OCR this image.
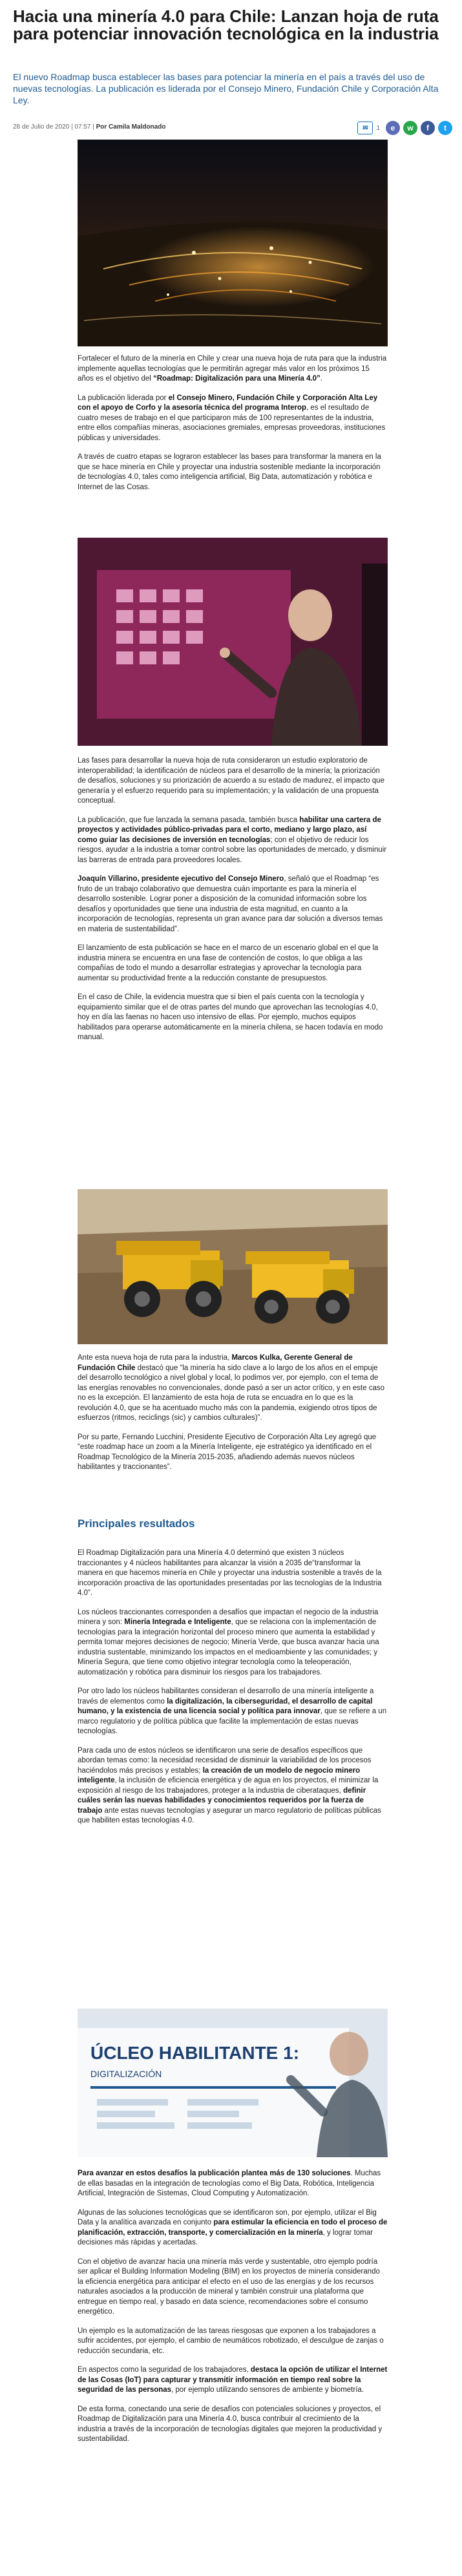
Hacia una minería 4.0 para Chile: Lanzan hoja de ruta para potenciar innovación tecnológica en la industria

El nuevo Roadmap busca establecer las bases para potenciar la minería en el país a través del uso de nuevas tecnologías. La publicación es liderada por el Consejo Minero, Fundación Chile y Corporación Alta Ley.

28 de Julio de 2020 | 07:57 | Por Camila Maldonado	✉	1	e	w	f	t

Fortalecer el futuro de la minería en Chile y crear una nueva hoja de ruta para que la industria implemente aquellas tecnologías que le permitirán agregar más valor en los próximos 15 años es el objetivo del “Roadmap: Digitalización para una Minería 4.0”.

La publicación liderada por el Consejo Minero, Fundación Chile y Corporación Alta Ley con el apoyo de Corfo y la asesoría técnica del programa Interop, es el resultado de cuatro meses de trabajo en el que participaron más de 100 representantes de la industria, entre ellos compañías mineras, asociaciones gremiales, empresas proveedoras, instituciones públicas y universidades.

A través de cuatro etapas se lograron establecer las bases para transformar la manera en la que se hace minería en Chile y proyectar una industria sostenible mediante la incorporación de tecnologías 4.0, tales como inteligencia artificial, Big Data, automatización y robótica e Internet de las Cosas.

Las fases para desarrollar la nueva hoja de ruta consideraron un estudio exploratorio de interoperabilidad; la identificación de núcleos para el desarrollo de la minería; la priorización de desafíos, soluciones y su priorización de acuerdo a su estado de madurez, el impacto que generaría y el esfuerzo requerido para su implementación; y la validación de una propuesta conceptual.

La publicación, que fue lanzada la semana pasada, también busca habilitar una cartera de proyectos y actividades público-privadas para el corto, mediano y largo plazo, así como guiar las decisiones de inversión en tecnologías; con el objetivo de reducir los riesgos, ayudar a la industria a tomar control sobre las oportunidades de mercado, y disminuir las barreras de entrada para proveedores locales.

Joaquín Villarino, presidente ejecutivo del Consejo Minero, señaló que el Roadmap “es fruto de un trabajo colaborativo que demuestra cuán importante es para la minería el desarrollo sostenible. Lograr poner a disposición de la comunidad información sobre los desafíos y oportunidades que tiene una industria de esta magnitud, en cuanto a la incorporación de tecnologías, representa un gran avance para dar solución a diversos temas en materia de sustentabilidad”.

El lanzamiento de esta publicación se hace en el marco de un escenario global en el que la industria minera se encuentra en una fase de contención de costos, lo que obliga a las compañías de todo el mundo a desarrollar estrategias y aprovechar la tecnología para aumentar su productividad frente a la reducción constante de presupuestos.

En el caso de Chile, la evidencia muestra que si bien el país cuenta con la tecnología y equipamiento similar que el de otras partes del mundo que aprovechan las tecnologías 4.0, hoy en día las faenas no hacen uso intensivo de ellas. Por ejemplo, muchos equipos habilitados para operarse automáticamente en la minería chilena, se hacen todavía en modo manual.

Ante esta nueva hoja de ruta para la industria, Marcos Kulka, Gerente General de Fundación Chile destacó que “la minería ha sido clave a lo largo de los años en el empuje del desarrollo tecnológico a nivel global y local, lo podimos ver, por ejemplo, con el tema de las energías renovables no convencionales, donde pasó a ser un actor crítico, y en este caso no es la excepción. El lanzamiento de esta hoja de ruta se encuadra en lo que es la revolución 4.0, que se ha acentuado mucho más con la pandemia, exigiendo otros tipos de esfuerzos (ritmos, reciclings (sic) y cambios culturales)”.

Por su parte, Fernando Lucchini, Presidente Ejecutivo de Corporación Alta Ley agregó que “este roadmap hace un zoom a la Minería Inteligente, eje estratégico ya identificado en el Roadmap Tecnológico de la Minería 2015-2035, añadiendo además nuevos núcleos habilitantes y traccionantes”.

Principales resultados

El Roadmap Digitalización para una Minería 4.0 determinó que existen 3 núcleos traccionantes y 4 núcleos habilitantes para alcanzar la visión a 2035 de“transformar la manera en que hacemos minería en Chile y proyectar una industria sostenible a través de la incorporación proactiva de las oportunidades presentadas por las tecnologías de la Industria 4.0”.

Los núcleos traccionantes corresponden a desafíos que impactan el negocio de la industria minera y son: Minería Integrada e Inteligente, que se relaciona con la implementación de tecnologías para la integración horizontal del proceso minero que aumenta la estabilidad y permita tomar mejores decisiones de negocio; Minería Verde, que busca avanzar hacia una industria sustentable, minimizando los impactos en el medioambiente y las comunidades; y Minería Segura, que tiene como objetivo integrar tecnología como la teleoperación, automatización y robótica para disminuir los riesgos para los trabajadores.

Por otro lado los núcleos habilitantes consideran el desarrollo de una minería inteligente a través de elementos como la digitalización, la ciberseguridad, el desarrollo de capital humano, y la existencia de una licencia social y política para innovar, que se refiere a un marco regulatorio y de política pública que facilite la implementación de estas nuevas tecnologías.

Para cada uno de estos núcleos se identificaron una serie de desafíos específicos que abordan temas como: la necesidad recesidad de disminuir la variabilidad de los procesos haciéndolos más precisos y estables; la creación de un modelo de negocio minero inteligente, la inclusión de eficiencia energética y de agua en los proyectos, el minimizar la exposición al riesgo de los trabajadores, proteger a la industria de ciberataques, definir cuáles serán las nuevas habilidades y conocimientos requeridos por la fuerza de trabajo ante estas nuevas tecnologías y asegurar un marco regulatorio de políticas públicas que habiliten estas tecnologías 4.0.

ÚCLEO HABILITANTE 1:
DIGITALIZACIÓN

Para avanzar en estos desafíos la publicación plantea más de 130 soluciones. Muchas de ellas basadas en la integración de tecnologías como el Big Data, Robótica, Inteligencia Artificial, Integración de Sistemas, Cloud Computing y Automatización.

Algunas de las soluciones tecnológicas que se identificaron son, por ejemplo, utilizar el Big Data y la analítica avanzada en conjunto para estimular la eficiencia en todo el proceso de planificación, extracción, transporte, y comercialización en la minería, y lograr tomar decisiones más rápidas y acertadas.

Con el objetivo de avanzar hacia una minería más verde y sustentable, otro ejemplo podría ser aplicar el Building Information Modeling (BIM) en los proyectos de minería considerando la eficiencia energética para anticipar el efecto en el uso de las energías y de los recursos naturales asociados a la producción de mineral y también construir una plataforma que entregue en tiempo real, y basado en data science, recomendaciones sobre el consumo energético.

Un ejemplo es la automatización de las tareas riesgosas que exponen a los trabajadores a sufrir accidentes, por ejemplo, el cambio de neumáticos robotizado, el desculgue de zanjas o reducción secundaria, etc.

En aspectos como la seguridad de los trabajadores, destaca la opción de utilizar el Internet de las Cosas (IoT) para capturar y transmitir información en tiempo real sobre la seguridad de las personas, por ejemplo utilizando sensores de ambiente y biometría.

De esta forma, conectando una serie de desafíos con potenciales soluciones y proyectos, el Roadmap de Digitalización para una Minería 4.0, busca contribuir al crecimiento de la industria a través de la incorporación de tecnologías digitales que mejoren la productividad y sustentabilidad.
